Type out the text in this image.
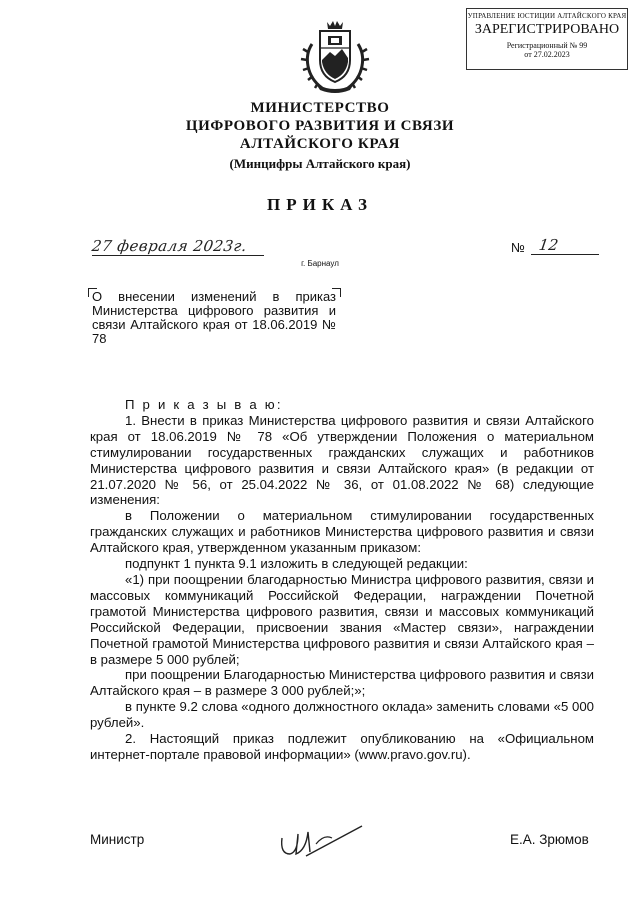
УПРАВЛЕНИЕ ЮСТИЦИИ АЛТАЙСКОГО КРАЯ
ЗАРЕГИСТРИРОВАНО
Регистрационный № 99
от 27.02.2023
МИНИСТЕРСТВО
ЦИФРОВОГО РАЗВИТИЯ И СВЯЗИ
АЛТАЙСКОГО КРАЯ
(Минцифры Алтайского края)
ПРИКАЗ
27 февраля 2023г.	№ 12
г. Барнаул
О внесении изменений в приказ Министерства цифрового развития и связи Алтайского края от 18.06.2019 № 78

П р и к а з ы в а ю:

1. Внести в приказ Министерства цифрового развития и связи Алтайского края от 18.06.2019 № 78 «Об утверждении Положения о материальном стимулировании государственных гражданских служащих и работников Министерства цифрового развития и связи Алтайского края» (в редакции от 21.07.2020 № 56, от 25.04.2022 № 36, от 01.08.2022 № 68) следующие изменения:

в Положении о материальном стимулировании государственных гражданских служащих и работников Министерства цифрового развития и связи Алтайского края, утвержденном указанным приказом:

подпункт 1 пункта 9.1 изложить в следующей редакции:

«1) при поощрении благодарностью Министра цифрового развития, связи и массовых коммуникаций Российской Федерации, награждении Почетной грамотой Министерства цифрового развития, связи и массовых коммуникаций Российской Федерации, присвоении звания «Мастер связи», награждении Почетной грамотой Министерства цифрового развития и связи Алтайского края – в размере 5 000 рублей;

при поощрении Благодарностью Министерства цифрового развития и связи Алтайского края – в размере 3 000 рублей;»;

в пункте 9.2 слова «одного должностного оклада» заменить словами «5 000 рублей».

2. Настоящий приказ подлежит опубликованию на «Официальном интернет-портале правовой информации» (www.pravo.gov.ru).

Министр	Е.А. Зрюмов
